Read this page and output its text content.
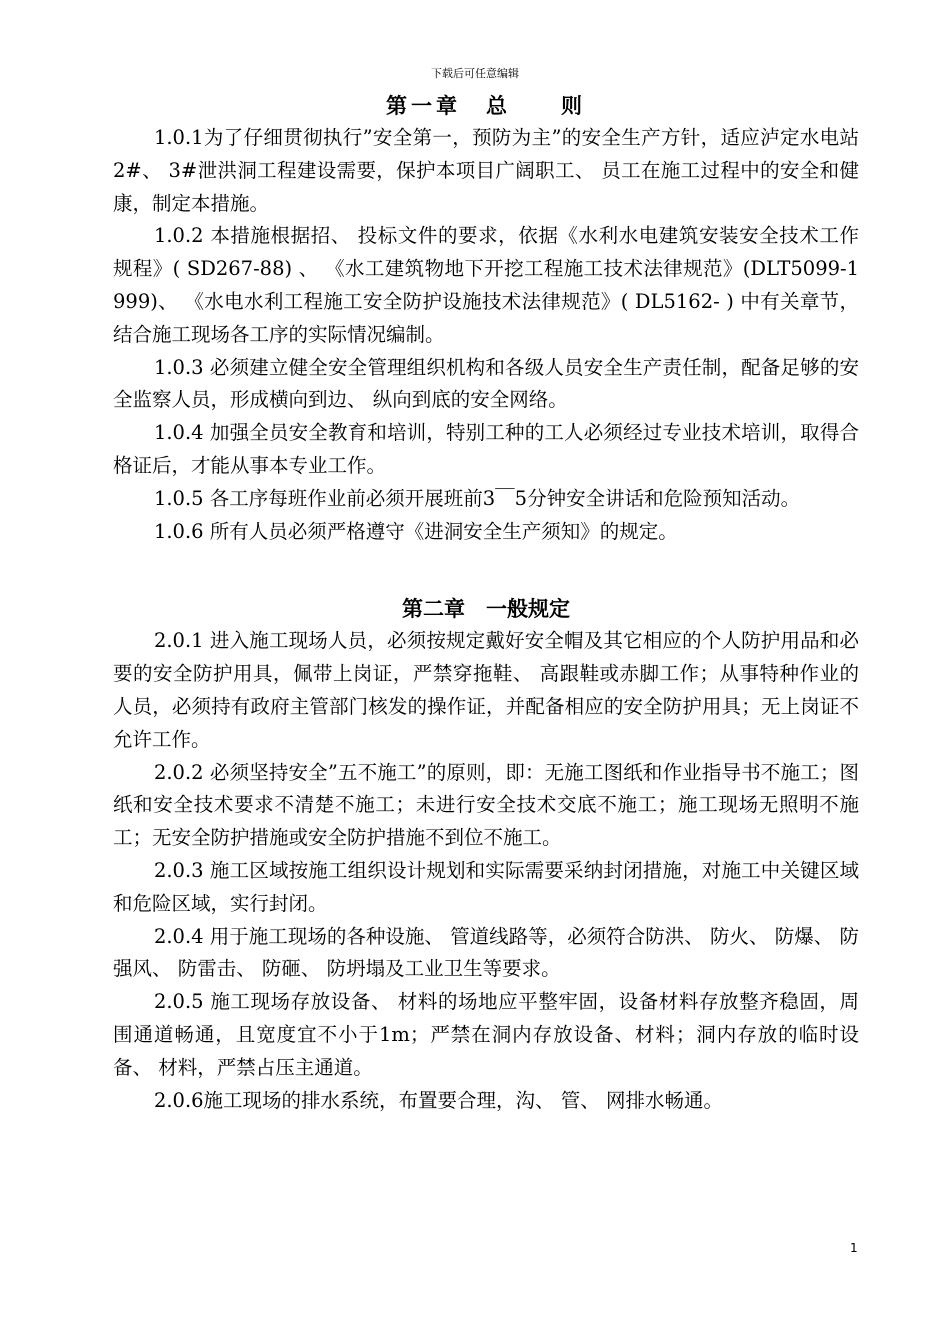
下载后可任意编辑
第一章　总　　则

1.0.1为了仔细贯彻执行”安全第一，预防为主”的安全生产方针，适应泸定水电站2#、 3#泄洪洞工程建设需要，保护本项目广阔职工、 员工在施工过程中的安全和健康，制定本措施。

1.0.2 本措施根据招、 投标文件的要求，依据《水利水电建筑安装安全技术工作规程》( SD267-88) 、 《水工建筑物地下开挖工程施工技术法律规范》(DLT5099-1999)、 《水电水利工程施工安全防护设施技术法律规范》( DL5162- ) 中有关章节，结合施工现场各工序的实际情况编制。

1.0.3 必须建立健全安全管理组织机构和各级人员安全生产责任制，配备足够的安全监察人员，形成横向到边、 纵向到底的安全网络。

1.0.4 加强全员安全教育和培训，特别工种的工人必须经过专业技术培训，取得合格证后，才能从事本专业工作。

1.0.5 各工序每班作业前必须开展班前3￣5分钟安全讲话和危险预知活动。

1.0.6 所有人员必须严格遵守《进洞安全生产须知》的规定。

第二章　一般规定

2.0.1 进入施工现场人员，必须按规定戴好安全帽及其它相应的个人防护用品和必要的安全防护用具，佩带上岗证，严禁穿拖鞋、 高跟鞋或赤脚工作；从事特种作业的人员，必须持有政府主管部门核发的操作证，并配备相应的安全防护用具；无上岗证不允许工作。

2.0.2 必须坚持安全”五不施工”的原则，即：无施工图纸和作业指导书不施工；图纸和安全技术要求不清楚不施工；未进行安全技术交底不施工；施工现场无照明不施工；无安全防护措施或安全防护措施不到位不施工。

2.0.3 施工区域按施工组织设计规划和实际需要采纳封闭措施，对施工中关键区域和危险区域，实行封闭。

2.0.4 用于施工现场的各种设施、 管道线路等，必须符合防洪、 防火、 防爆、 防强风、 防雷击、 防砸、 防坍塌及工业卫生等要求。

2.0.5 施工现场存放设备、 材料的场地应平整牢固，设备材料存放整齐稳固，周围通道畅通，且宽度宜不小于1m；严禁在洞内存放设备、材料；洞内存放的临时设备、 材料，严禁占压主通道。

2.0.6施工现场的排水系统，布置要合理，沟、 管、 网排水畅通。

1
